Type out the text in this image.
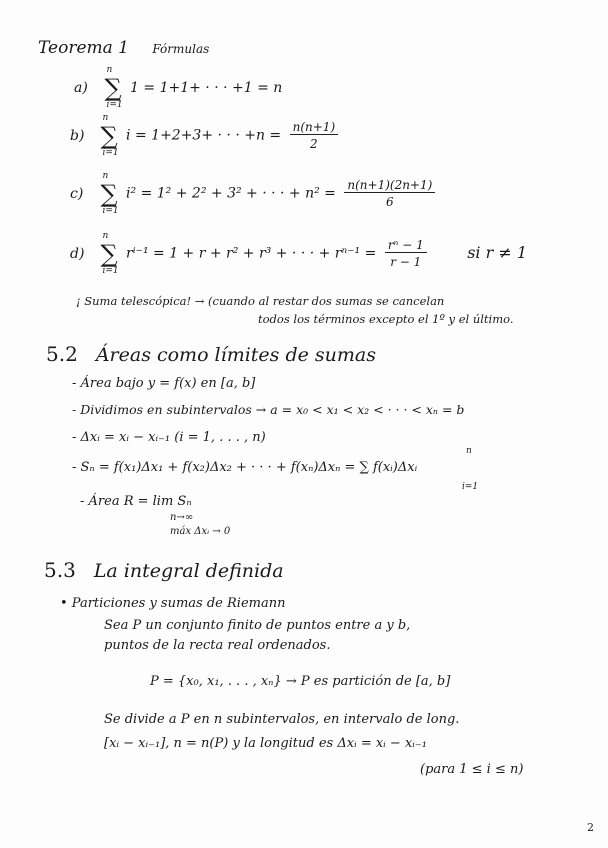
Teorema 1 Fórmulas
a) ∑
n
i=1
1 = 1+1+ · · · +1 = n
b) ∑
n
i=1
i = 1+2+3+ · · · $+n = \frac{n(n+1)}{2}$
c) ∑
n
i=1
i² = 1² + 2² + 3² + · · · + $n^2 = \frac{n(n+1)(2n+1)}{6}$
d) ∑
n
i=1
rⁱ⁻¹ = 1 + r + r² + r³ + · · · + $r^{n-1} = \frac{\text{rⁿ − 1}}{r - 1}$	si r ≠ 1
¡ Suma telescópica! → (cuando al restar dos sumas se cancelan
todos los términos excepto el 1º y el último.
5.2 Áreas como límites de sumas
- Área bajo y = f(x) en [a, b]
- Dividimos en subintervalos → a = x₀ < x₁ < x₂ < · · · < xₙ = b
- Δxᵢ = xᵢ − xᵢ₋₁ (i = 1, . . . , n)
- Sₙ = f(x₁)Δx₁ + f(x₂)Δx₂ + · · · + f(xₙ)Δxₙ = ∑ f(xᵢ)Δxᵢ
n
i=1
- Área R = lim Sₙ
n→∞
máx Δxᵢ → 0
5.3 La integral definida
• Particiones y sumas de Riemann
Sea P un conjunto finito de puntos entre a y b,
puntos de la recta real ordenados.
P = {x₀, x₁, . . . , xₙ} → P es partición de [a, b]
Se divide a P en n subintervalos, en intervalo de long.
[xᵢ − xᵢ₋₁], n = n(P) y la longitud es Δxᵢ = xᵢ − xᵢ₋₁
(para 1 ≤ i ≤ n)
2
